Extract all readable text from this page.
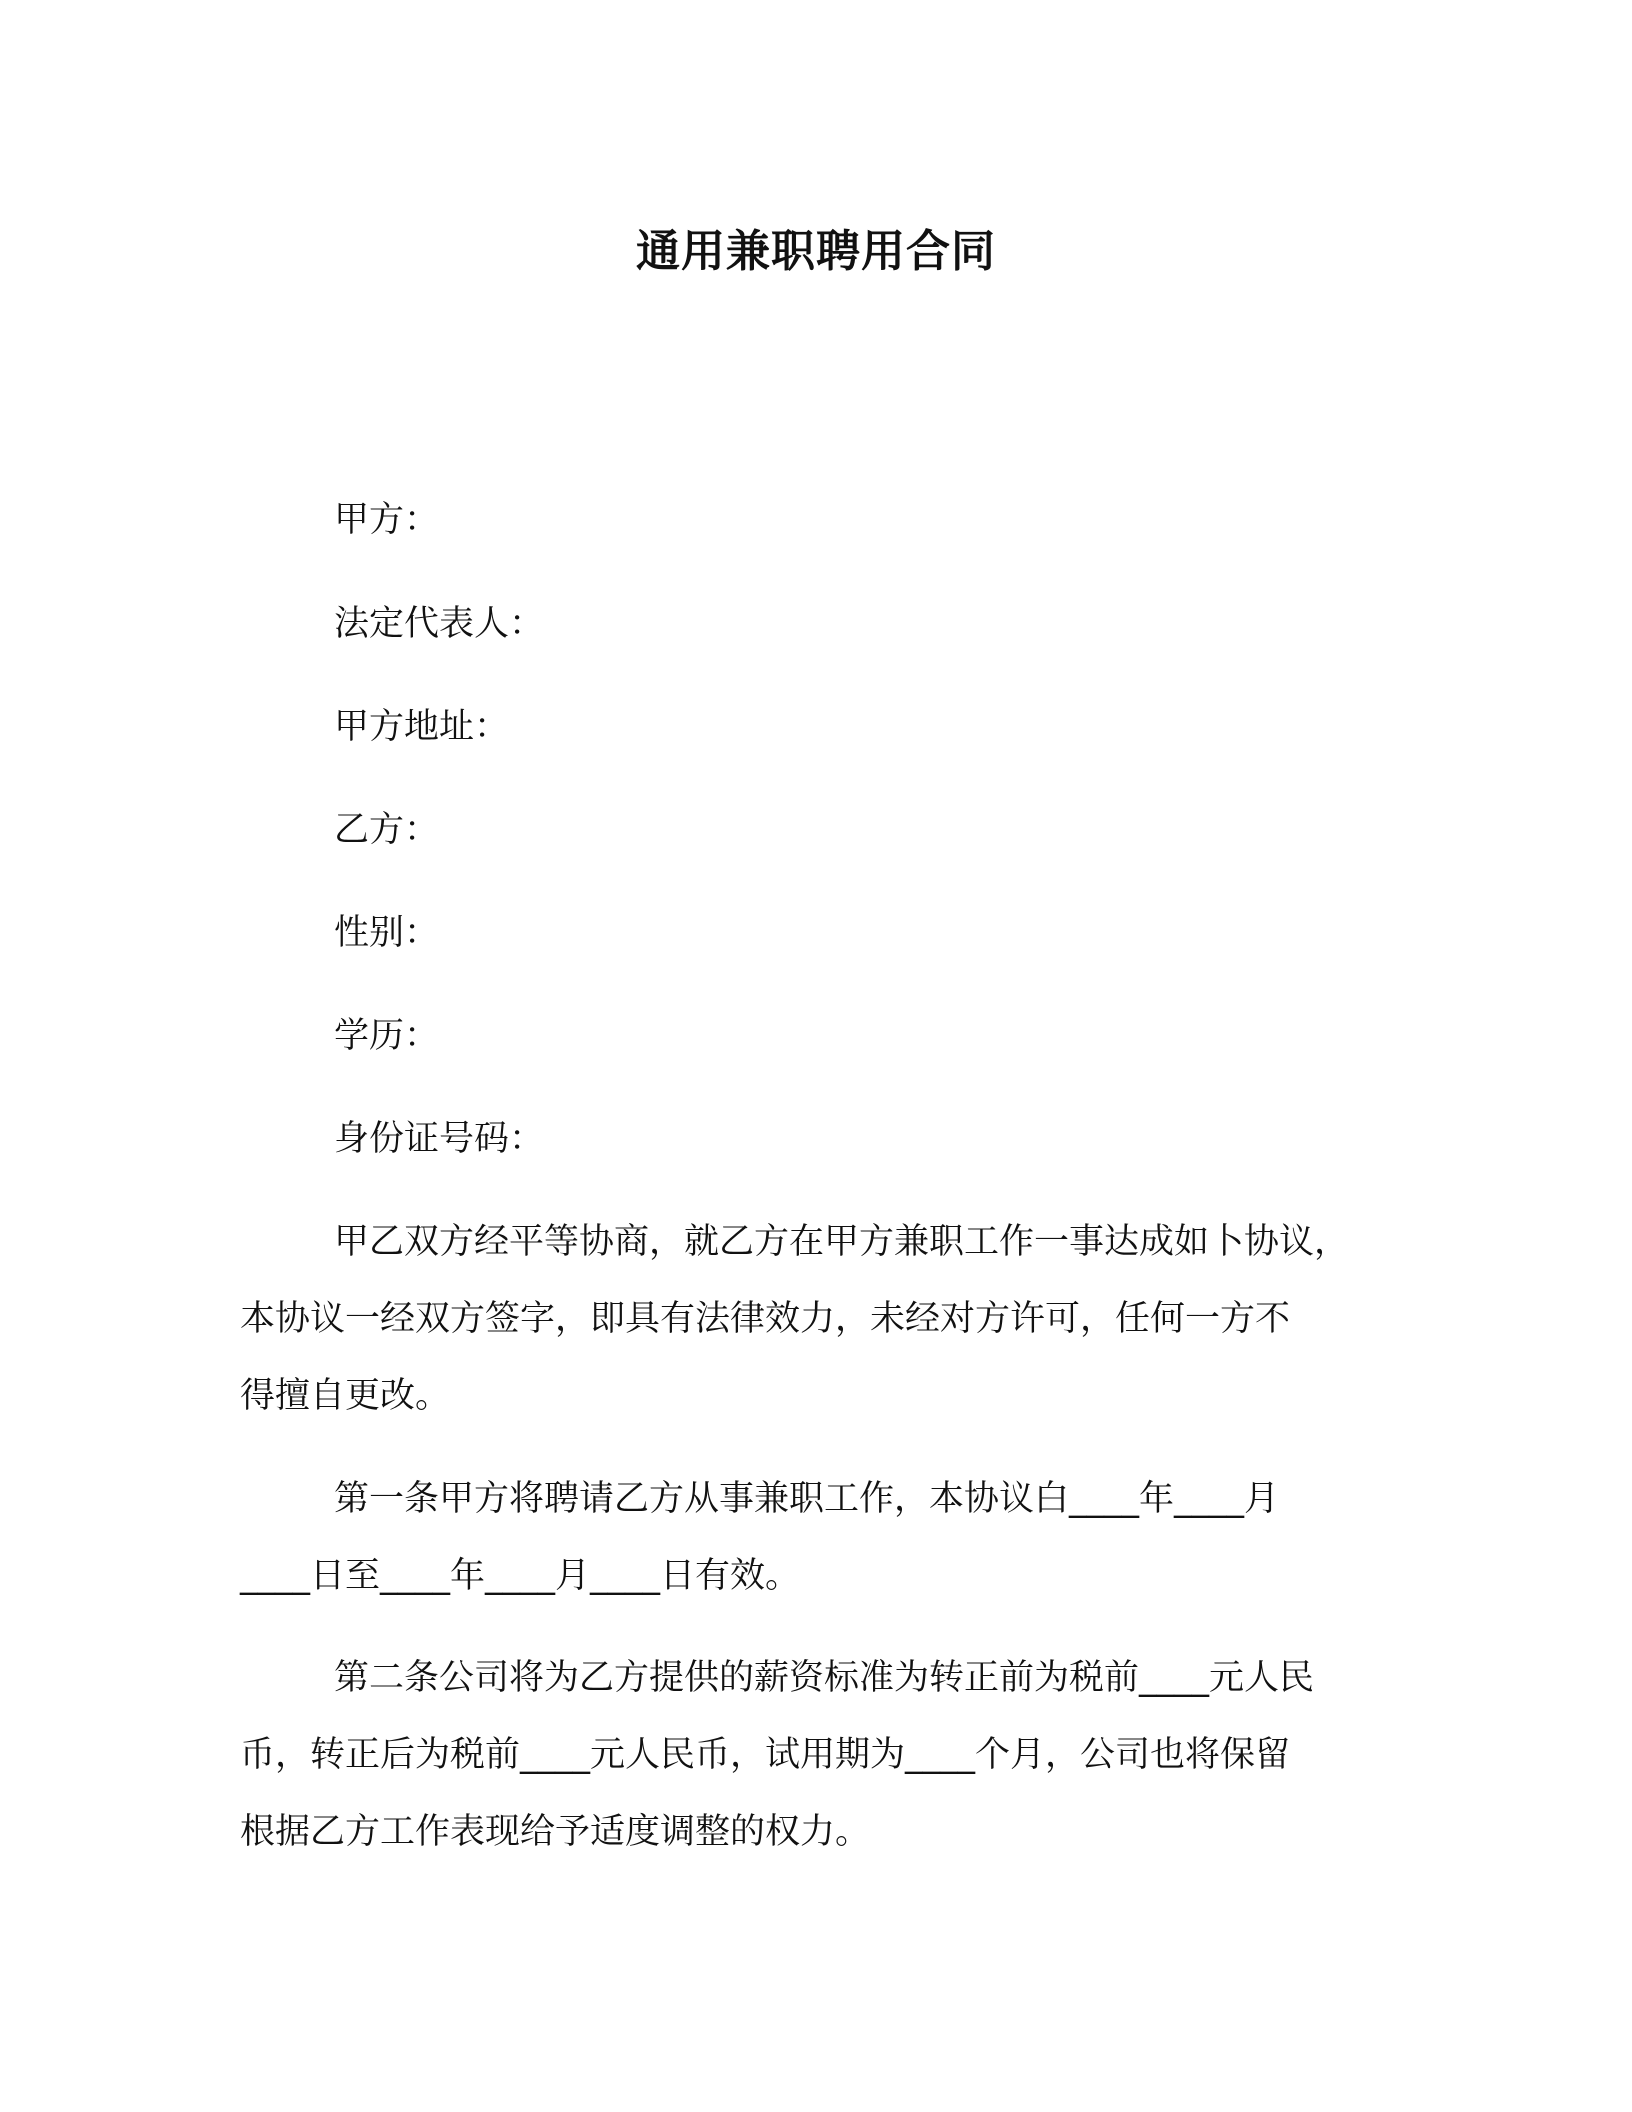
通用兼职聘用合同
甲方：
法定代表人：
甲方地址：
乙方：
性别：
学历：
身份证号码：
甲乙双方经平等协商，就乙方在甲方兼职工作一事达成如卜协议，
本协议一经双方签字，即具有法律效力，未经对方许可，任何一方不
得擅自更改。
第一条甲方将聘请乙方从事兼职工作，本协议白____年____月
____日至____年____月____日有效。
第二条公司将为乙方提供的薪资标准为转正前为税前____元人民
币，转正后为税前____元人民币，试用期为____个月，公司也将保留
根据乙方工作表现给予适度调整的权力。
